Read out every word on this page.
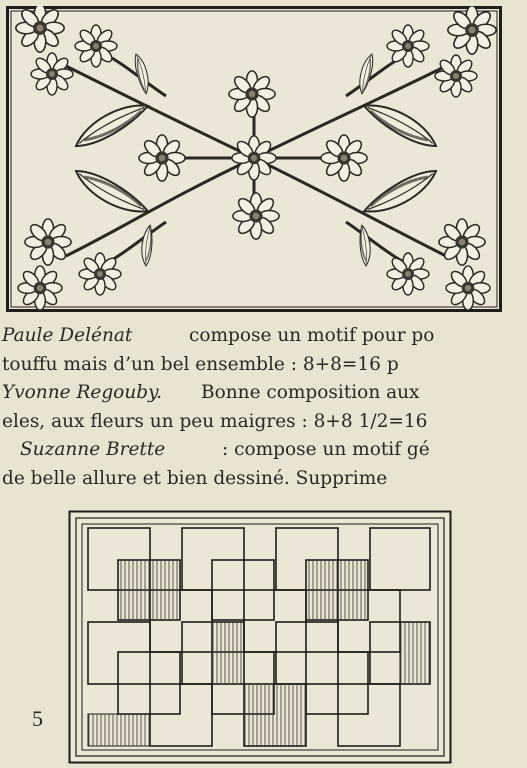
Paule Delénat	compose un motif pour po
touffu mais d’un bel ensemble : 8+8=16 p
Yvonne Regouby. Bonne composition aux
eles, aux fleurs un peu maigres : 8+8 1/2=16
Suzanne Brette	: compose un motif gé
de belle allure et bien dessiné. Supprime
5
